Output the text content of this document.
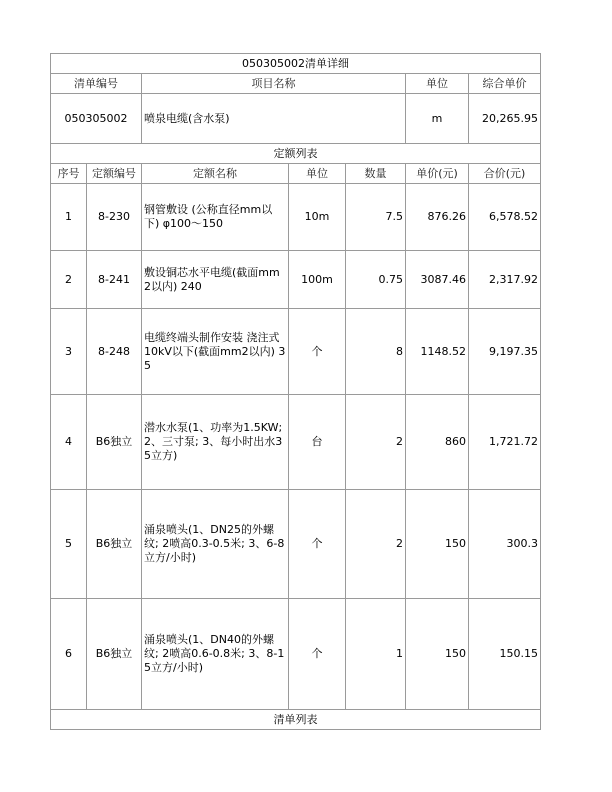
050305002清单详细						
清单编号		项目名称			单位	综合单价
050305002		喷泉电缆(含水泵)			m	20,265.95
定额列表						
序号	定额编号	定额名称	单位	数量	单价(元)	合价(元)
1	8-230	钢管敷设 (公称直径mm以下) φ100～150	10m	7.5	876.26	6,578.52
2	8-241	敷设铜芯水平电缆(截面mm2以内) 240	100m	0.75	3087.46	2,317.92
3	8-248	电缆终端头制作安装 浇注式 10kV以下(截面mm2以内) 35	个	8	1148.52	9,197.35
4	B6独立	潜水水泵(1、功率为1.5KW;2、三寸泵; 3、每小时出水35立方)	台	2	860	1,721.72
5	B6独立	涌泉喷头(1、DN25的外螺纹; 2喷高0.3-0.5米; 3、6-8立方/小时)	个	2	150	300.3
6	B6独立	涌泉喷头(1、DN40的外螺纹; 2喷高0.6-0.8米; 3、8-15立方/小时)	个	1	150	150.15
清单列表						
